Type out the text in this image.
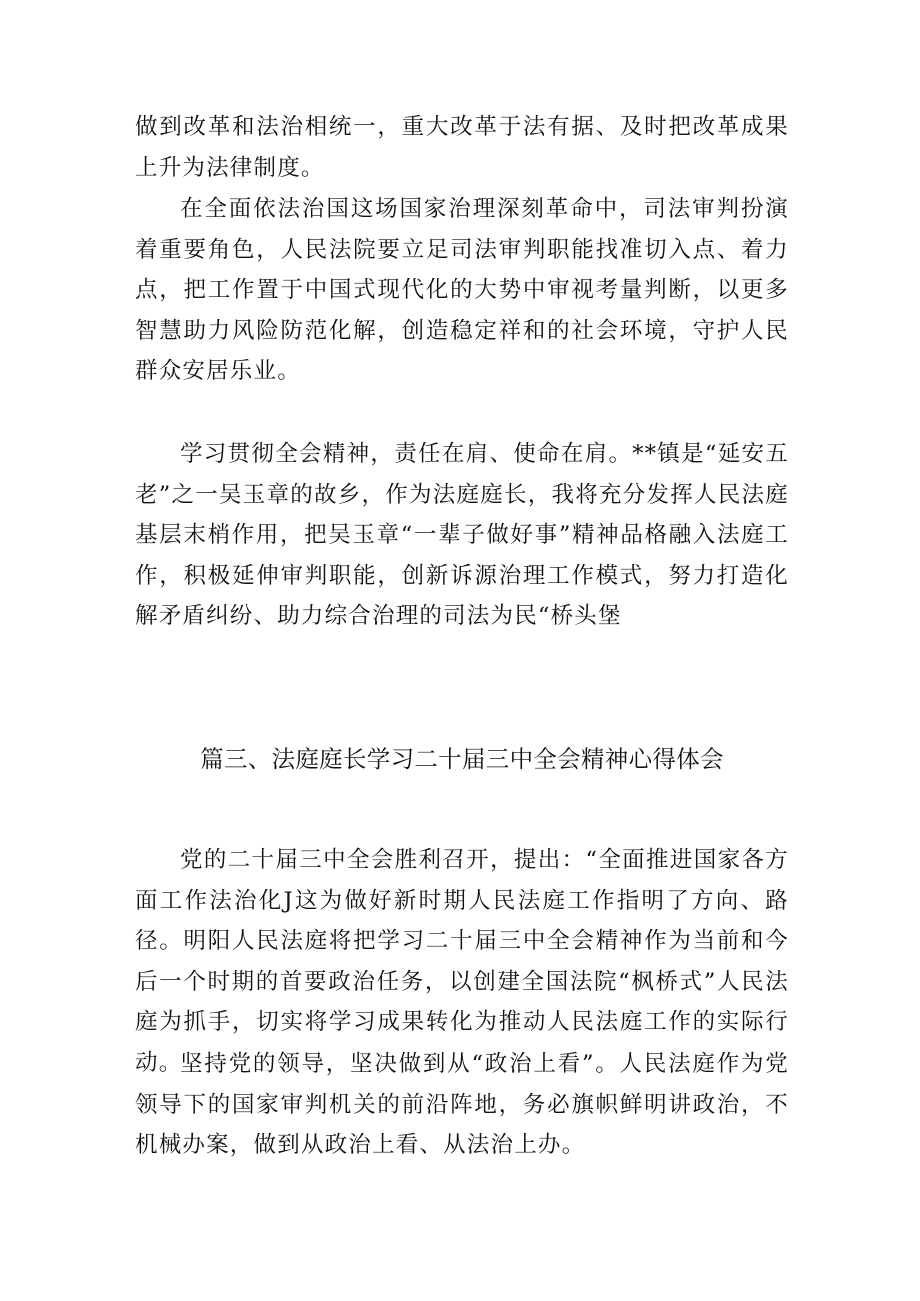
做到改革和法治相统一，重大改革于法有据、及时把改革成果上升为法律制度。

在全面依法治国这场国家治理深刻革命中，司法审判扮演着重要角色，人民法院要立足司法审判职能找准切入点、着力点，把工作置于中国式现代化的大势中审视考量判断，以更多智慧助力风险防范化解，创造稳定祥和的社会环境，守护人民群众安居乐业。

学习贯彻全会精神，责任在肩、使命在肩。**镇是“延安五老”之一吴玉章的故乡，作为法庭庭长，我将充分发挥人民法庭基层末梢作用，把吴玉章“一辈子做好事”精神品格融入法庭工作，积极延伸审判职能，创新诉源治理工作模式，努力打造化解矛盾纠纷、助力综合治理的司法为民“桥头堡

篇三、法庭庭长学习二十届三中全会精神心得体会

党的二十届三中全会胜利召开，提出：“全面推进国家各方面工作法治化J这为做好新时期人民法庭工作指明了方向、路径。明阳人民法庭将把学习二十届三中全会精神作为当前和今后一个时期的首要政治任务，以创建全国法院“枫桥式”人民法庭为抓手，切实将学习成果转化为推动人民法庭工作的实际行动。

坚持党的领导，坚决做到从“政治上看”。人民法庭作为党领导下的国家审判机关的前沿阵地，务必旗帜鲜明讲政治，不机械办案，做到从政治上看、从法治上办。
